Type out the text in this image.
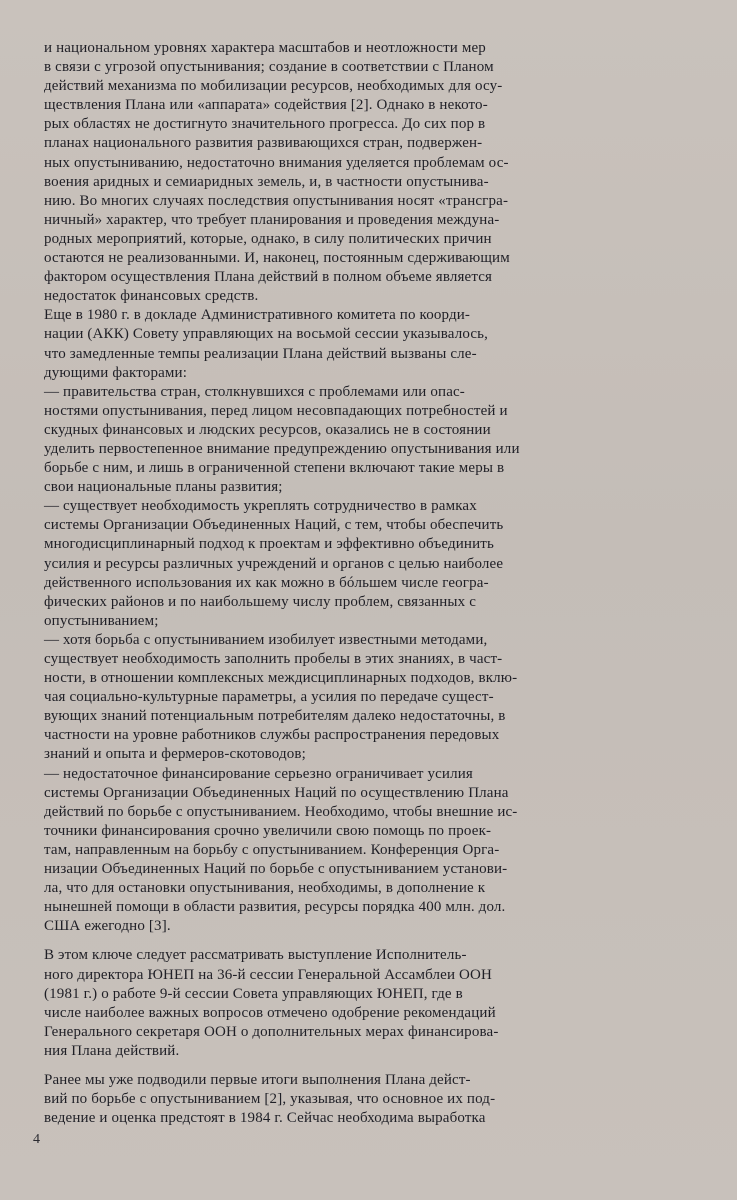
и национальном уровнях характера масштабов и неотложности мер
в связи с угрозой опустынивания; создание в соответствии с Планом
действий механизма по мобилизации ресурсов, необходимых для осу-
ществления Плана или «аппарата» содействия [2]. Однако в некото-
рых областях не достигнуто значительного прогресса. До сих пор в
планах национального развития развивающихся стран, подвержен-
ных опустыниванию, недостаточно внимания уделяется проблемам ос-
воения аридных и семиаридных земель, и, в частности опустынива-
нию. Во многих случаях последствия опустынивания носят «трансгра-
ничный» характер, что требует планирования и проведения междуна-
родных мероприятий, которые, однако, в силу политических причин
остаются не реализованными. И, наконец, постоянным сдерживающим
фактором осуществления Плана действий в полном объеме является
недостаток финансовых средств.

Еще в 1980 г. в докладе Административного комитета по коорди-
нации (АКК) Совету управляющих на восьмой сессии указывалось,
что замедленные темпы реализации Плана действий вызваны сле-
дующими факторами:

— правительства стран, столкнувшихся с проблемами или опас-
ностями опустынивания, перед лицом несовпадающих потребностей и
скудных финансовых и людских ресурсов, оказались не в состоянии
уделить первостепенное внимание предупреждению опустынивания или
борьбе с ним, и лишь в ограниченной степени включают такие меры в
свои национальные планы развития;

— существует необходимость укреплять сотрудничество в рамках
системы Организации Объединенных Наций, с тем, чтобы обеспечить
многодисциплинарный подход к проектам и эффективно объединить
усилия и ресурсы различных учреждений и органов с целью наиболее
действенного использования их как можно в бóльшем числе геогра-
фических районов и по наибольшему числу проблем, связанных с
опустыниванием;

— хотя борьба с опустыниванием изобилует известными методами,
существует необходимость заполнить пробелы в этих знаниях, в част-
ности, в отношении комплексных междисциплинарных подходов, вклю-
чая социально-культурные параметры, а усилия по передаче сущест-
вующих знаний потенциальным потребителям далеко недостаточны, в
частности на уровне работников службы распространения передовых
знаний и опыта и фермеров-скотоводов;

— недостаточное финансирование серьезно ограничивает усилия
системы Организации Объединенных Наций по осуществлению Плана
действий по борьбе с опустыниванием. Необходимо, чтобы внешние ис-
точники финансирования срочно увеличили свою помощь по проек-
там, направленным на борьбу с опустыниванием. Конференция Орга-
низации Объединенных Наций по борьбе с опустыниванием установи-
ла, что для остановки опустынивания, необходимы, в дополнение к
нынешней помощи в области развития, ресурсы порядка 400 млн. дол.
США ежегодно [3].

В этом ключе следует рассматривать выступление Исполнитель-
ного директора ЮНЕП на 36-й сессии Генеральной Ассамблеи ООН
(1981 г.) о работе 9-й сессии Совета управляющих ЮНЕП, где в
числе наиболее важных вопросов отмечено одобрение рекомендаций
Генерального секретаря ООН о дополнительных мерах финансирова-
ния Плана действий.

Ранее мы уже подводили первые итоги выполнения Плана дейст-
вий по борьбе с опустыниванием [2], указывая, что основное их под-
ведение и оценка предстоят в 1984 г. Сейчас необходима выработка

4
